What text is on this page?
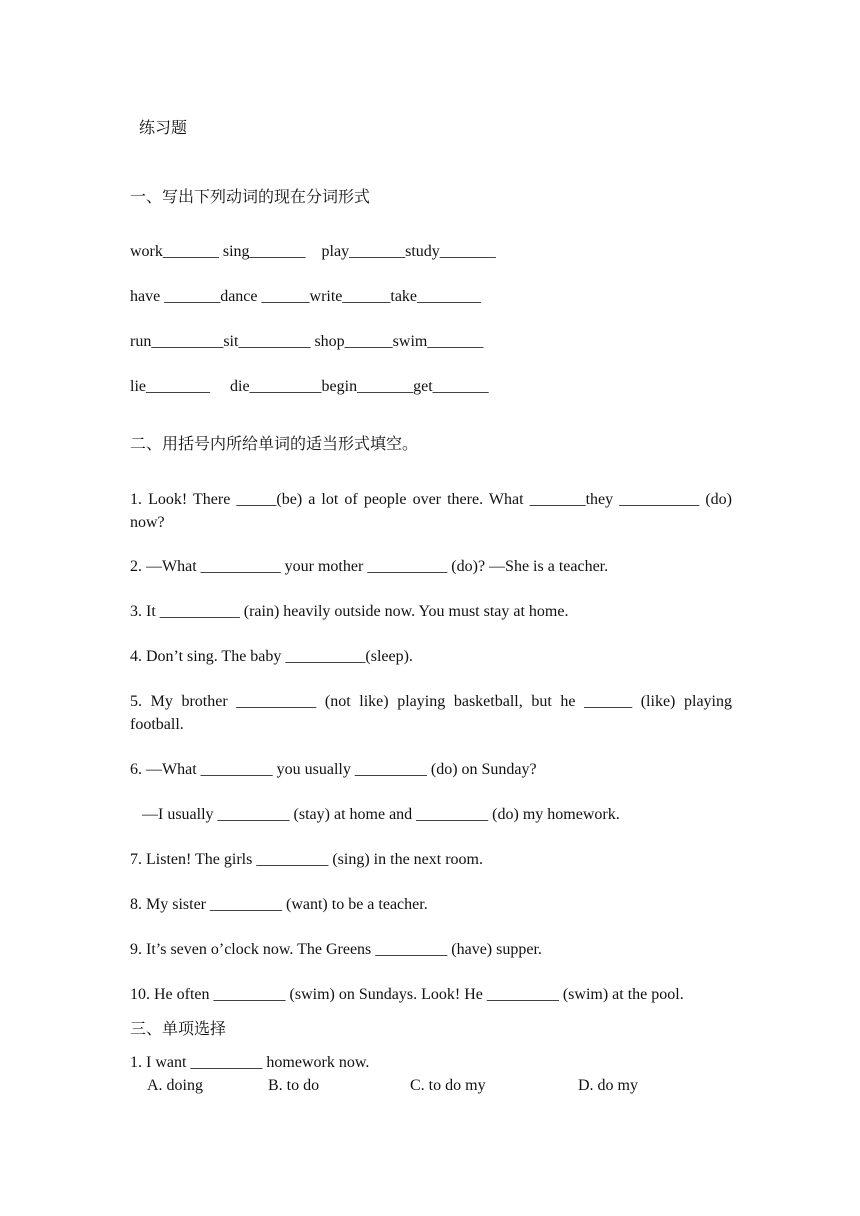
练习题
一、写出下列动词的现在分词形式
work_______ sing_______    play_______study_______
have _______dance ______write______take________
run_________sit_________ shop______swim_______
lie________     die_________begin_______get_______
二、用括号内所给单词的适当形式填空。
1. Look! There _____(be) a lot of people over there. What _______they __________ (do) now?
2. —What __________ your mother __________ (do)? —She is a teacher.
3. It __________ (rain) heavily outside now. You must stay at home.
4. Don’t sing. The baby __________(sleep).
5. My brother __________ (not like) playing basketball, but he ______ (like) playing football.
6. —What _________ you usually _________ (do) on Sunday?
—I usually _________ (stay) at home and _________ (do) my homework.
7. Listen! The girls _________ (sing) in the next room.
8. My sister _________ (want) to be a teacher.
9. It’s seven o’clock now. The Greens _________ (have) supper.
10. He often _________ (swim) on Sundays. Look! He _________ (swim) at the pool.
三、单项选择
1. I want _________ homework now.
A. doing	B. to do	C. to do my	D. do my
